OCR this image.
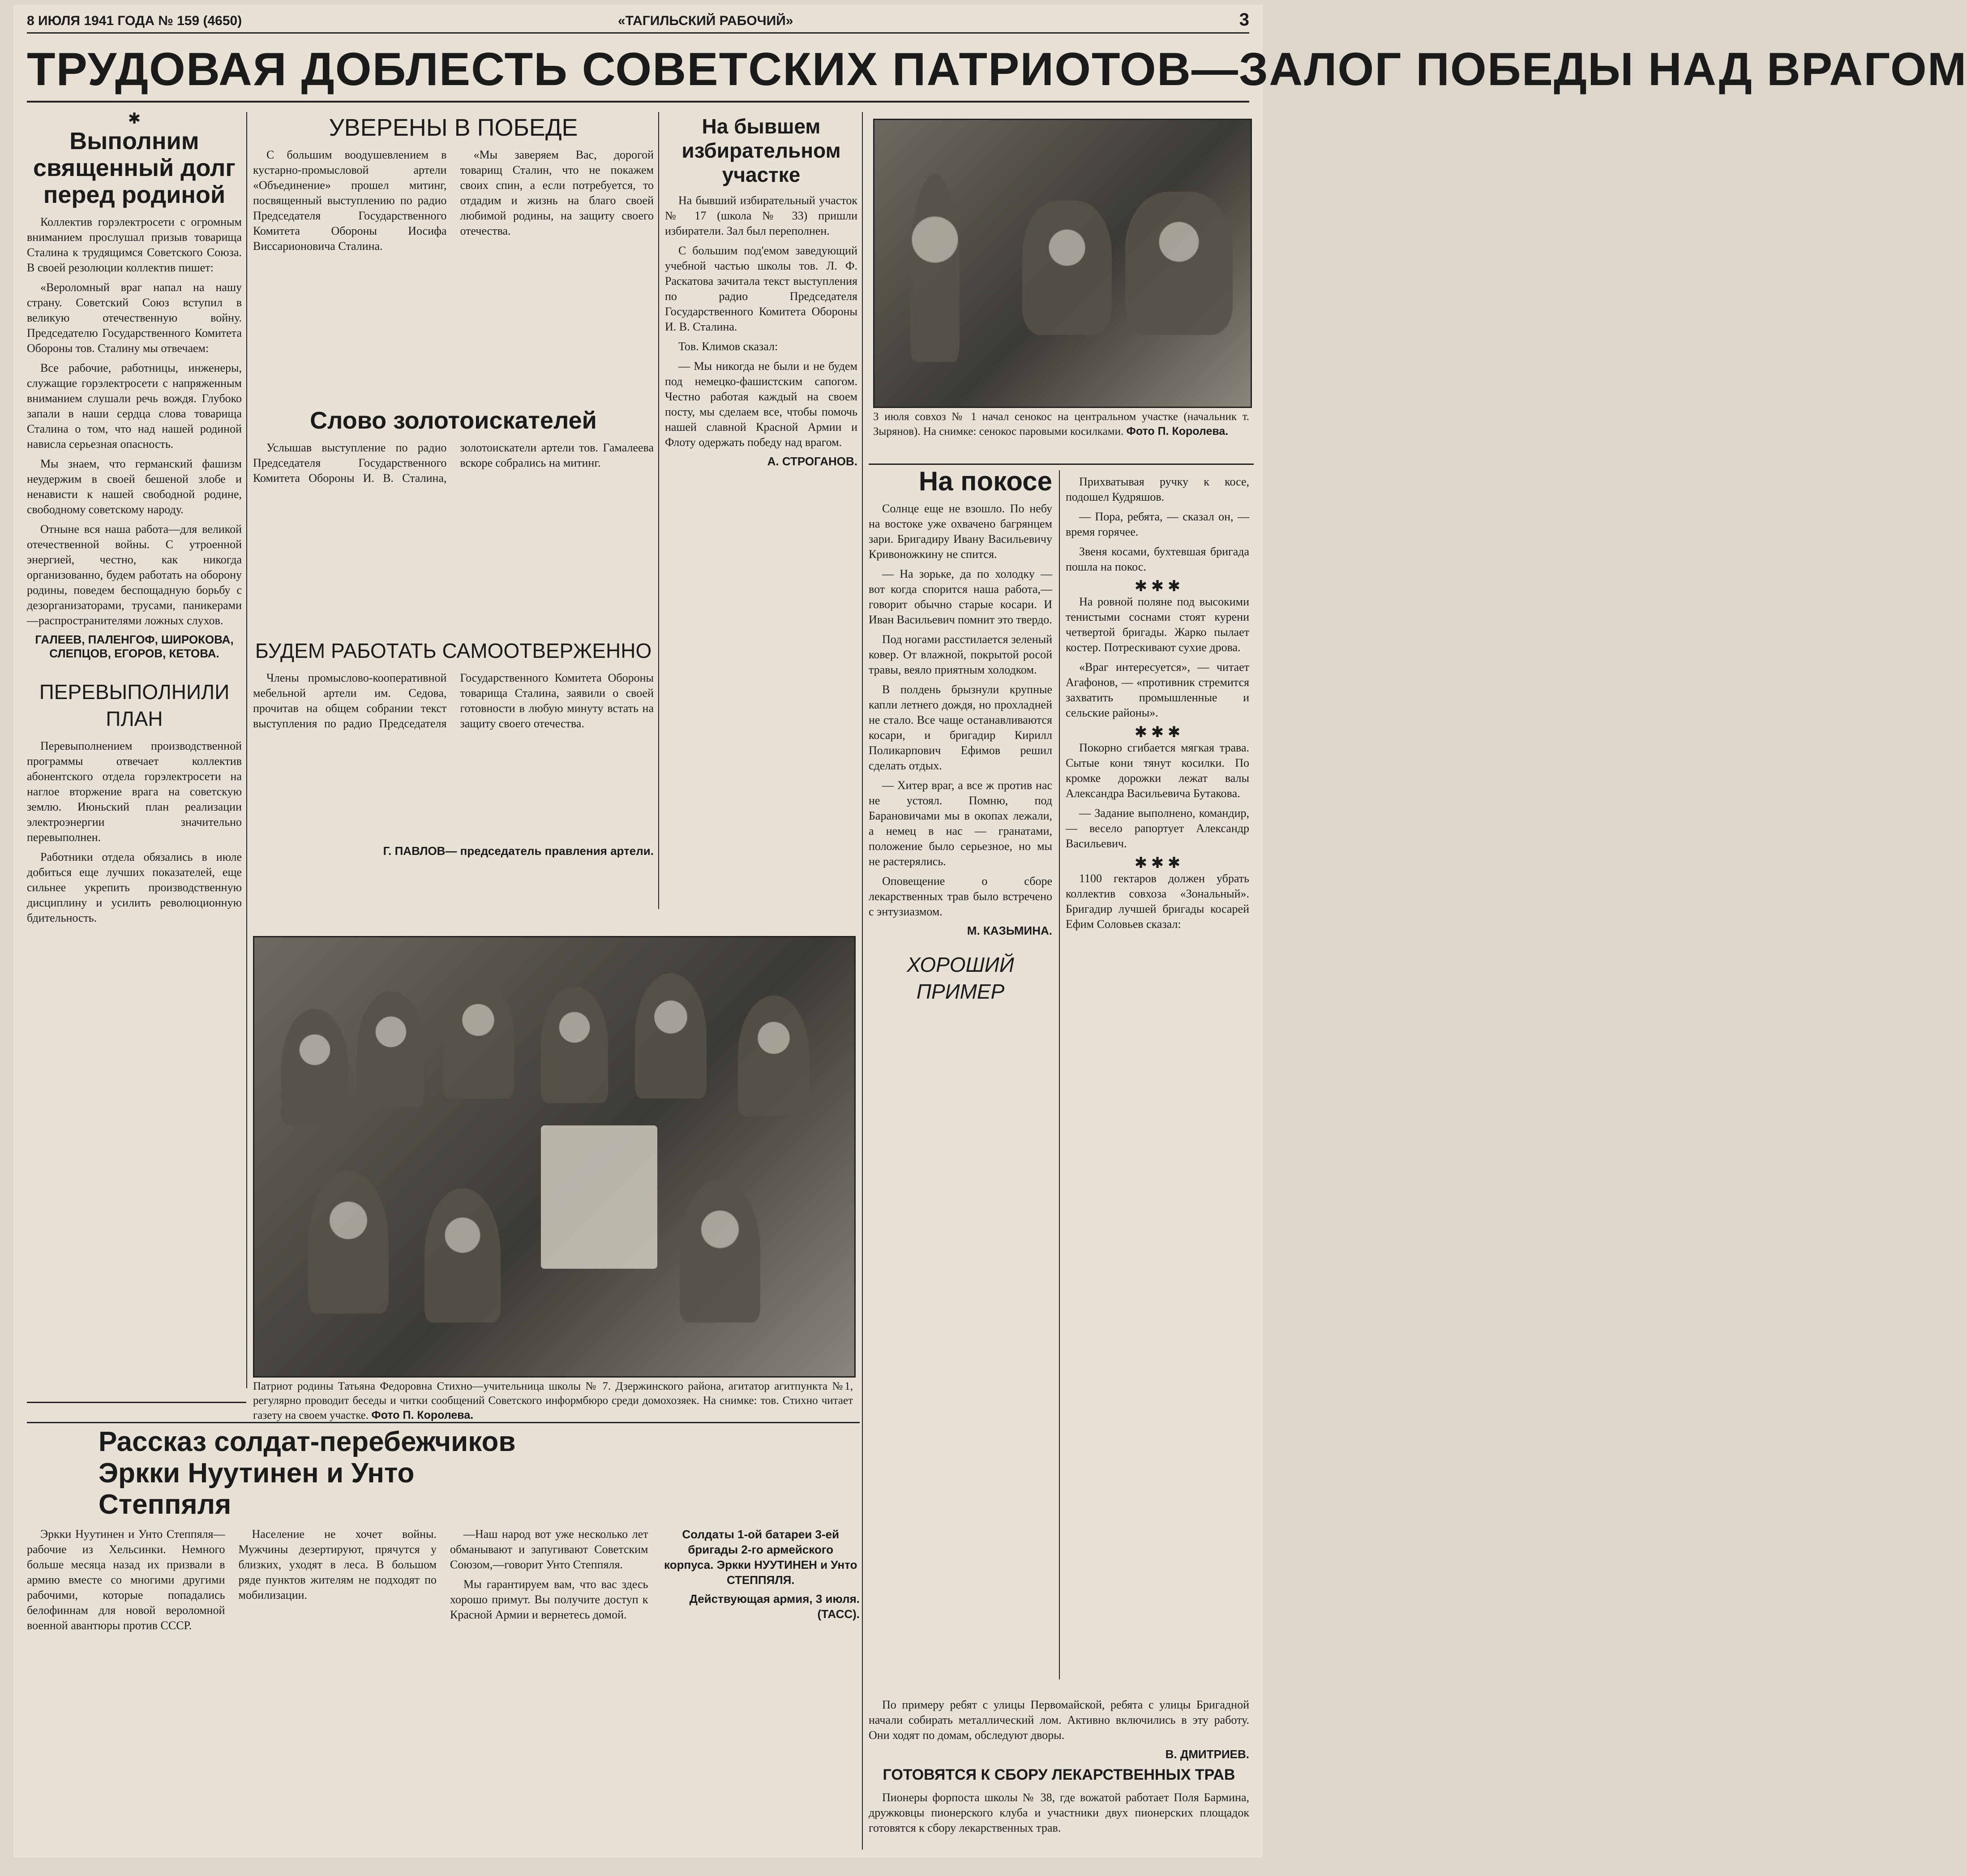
8 ИЮЛЯ 1941 ГОДА № 159 (4650)	«ТАГИЛЬСКИЙ РАБОЧИЙ»	3
ТРУДОВАЯ ДОБЛЕСТЬ СОВЕТСКИХ ПАТРИОТОВ—ЗАЛОГ ПОБЕДЫ НАД ВРАГОМ
✱
Выполним священный долг перед родиной

Коллектив горэлектросети с огромным вниманием прослушал призыв товарища Сталина к трудящимся Советского Союза. В своей резолюции коллектив пишет:

«Вероломный враг напал на нашу страну. Советский Союз вступил в великую отечественную войну. Председателю Государственного Комитета Обороны тов. Сталину мы отвечаем:

Все рабочие, работницы, инженеры, служащие горэлектросети с напряженным вниманием слушали речь вождя. Глубоко запали в наши сердца слова товарища Сталина о том, что над нашей родиной нависла серьезная опасность.

Мы знаем, что германский фашизм неудержим в своей бешеной злобе и ненависти к нашей свободной родине, свободному советскому народу.

Отныне вся наша работа—для великой отечественной войны. С утроенной энергией, честно, как никогда организованно, будем работать на оборону родины, поведем беспощадную борьбу с дезорганизаторами, трусами, паникерами—распространителями ложных слухов.

ГАЛЕЕВ, ПАЛЕНГОФ, ШИРОКОВА, СЛЕПЦОВ, ЕГОРОВ, КЕТОВА.
ПЕРЕВЫПОЛНИЛИ ПЛАН

Перевыполнением производственной программы отвечает коллектив абонентского отдела горэлектросети на наглое вторжение врага на советскую землю. Июньский план реализации электроэнергии значительно перевыполнен.

Работники отдела обязались в июле добиться еще лучших показателей, еще сильнее укрепить производственную дисциплину и усилить революционную бдительность.

УВЕРЕНЫ В ПОБЕДЕ

С большим воодушевлением в кустарно-промысловой артели «Объединение» прошел митинг, посвященный выступлению по радио Председателя Государственного Комитета Обороны Иосифа Виссарионовича Сталина.

«Мы заверяем Вас, дорогой товарищ Сталин, что не покажем своих спин, а если потребуется, то отдадим и жизнь на благо своей любимой родины, на защиту своего отечества.

Слово золотоискателей

Услышав выступление по радио Председателя Государственного Комитета Обороны И. В. Сталина, золотоискатели артели тов. Гамалеева вскоре собрались на митинг.

БУДЕМ РАБОТАТЬ САМООТВЕРЖЕННО

Члены промыслово-кооперативной мебельной артели им. Седова, прочитав на общем собрании текст выступления по радио Председателя Государственного Комитета Обороны товарища Сталина, заявили о своей готовности в любую минуту встать на защиту своего отечества.

Г. ПАВЛОВ— председатель правления артели.
На бывшем избирательном участке

На бывший избирательный участок № 17 (школа № 33) пришли избиратели. Зал был переполнен.

С большим под'емом заведующий учебной частью школы тов. Л. Ф. Раскатова зачитала текст выступления по радио Председателя Государственного Комитета Обороны И. В. Сталина.

Тов. Климов сказал:

— Мы никогда не были и не будем под немецко-фашистским сапогом. Честно работая каждый на своем посту, мы сделаем все, чтобы помочь нашей славной Красной Армии и Флоту одержать победу над врагом.

А. СТРОГАНОВ.
3 июля совхоз № 1 начал сенокос на центральном участке (начальник т. Зырянов). На снимке: сенокос паровыми косилками. Фото П. Королева.
На покосе

Солнце еще не взошло. По небу на востоке уже охвачено багрянцем зари. Бригадиру Ивану Васильевичу Кривоножкину не спится.

— На зорьке, да по холодку — вот когда спорится наша работа,—говорит обычно старые косари. И Иван Васильевич помнит это твердо.

Под ногами расстилается зеленый ковер. От влажной, покрытой росой травы, веяло приятным холодком.

В полдень брызнули крупные капли летнего дождя, но прохладней не стало. Все чаще останавливаются косари, и бригадир Кирилл Поликарпович Ефимов решил сделать отдых.

— Хитер враг, а все ж против нас не устоял. Помню, под Барановичами мы в окопах лежали, а немец в нас — гранатами, положение было серьезное, но мы не растерялись.

Оповещение о сборе лекарственных трав было встречено с энтузиазмом.

М. КАЗЬМИНА.
ХОРОШИЙ ПРИМЕР

Прихватывая ручку к косе, подошел Кудряшов.

— Пора, ребята, — сказал он, — время горячее.

Звеня косами, бухтевшая бригада пошла на покос.

✱ ✱ ✱

На ровной поляне под высокими тенистыми соснами стоят курени четвертой бригады. Жарко пылает костер. Потрескивают сухие дрова.

«Враг интересуется», — читает Агафонов, — «противник стремится захватить промышленные и сельские районы».

✱ ✱ ✱

Покорно сгибается мягкая трава. Сытые кони тянут косилки. По кромке дорожки лежат валы Александра Васильевича Бутакова.

— Задание выполнено, командир,— весело рапортует Александр Васильевич.

✱ ✱ ✱

1100 гектаров должен убрать коллектив совхоза «Зональный». Бригадир лучшей бригады косарей Ефим Соловьев сказал:

Патриот родины Татьяна Федоровна Стихно—учительница школы № 7. Дзержинского района, агитатор агитпункта №1, регулярно проводит беседы и читки сообщений Советского информбюро среди домохозяек. На снимке: тов. Стихно читает газету на своем участке. Фото П. Королева.
Рассказ солдат-перебежчиков Эркки Нуутинен и Унто Степпяля

Эркки Нуутинен и Унто Степпяля—рабочие из Хельсинки. Немного больше месяца назад их призвали в армию вместе со многими другими рабочими, которые попадались белофиннам для новой вероломной военной авантюры против СССР.

Население не хочет войны. Мужчины дезертируют, прячутся у близких, уходят в леса. В большом ряде пунктов жителям не подходят по мобилизации.

—Наш народ вот уже несколько лет обманывают и запугивают Советским Союзом,—говорит Унто Степпяля.

Мы гарантируем вам, что вас здесь хорошо примут. Вы получите доступ к Красной Армии и вернетесь домой.

Солдаты 1-ой батареи 3-ей бригады 2-го армейского корпуса. Эркки НУУТИНЕН и Унто СТЕППЯЛЯ.
Действующая армия, 3 июля. (ТАСС).

По примеру ребят с улицы Первомайской, ребята с улицы Бригадной начали собирать металлический лом. Активно включились в эту работу. Они ходят по домам, обследуют дворы.

В. ДМИТРИЕВ.
ГОТОВЯТСЯ К СБОРУ ЛЕКАРСТВЕННЫХ ТРАВ

Пионеры форпоста школы № 38, где вожатой работает Поля Бармина, дружковцы пионерского клуба и участники двух пионерских площадок готовятся к сбору лекарственных трав.
